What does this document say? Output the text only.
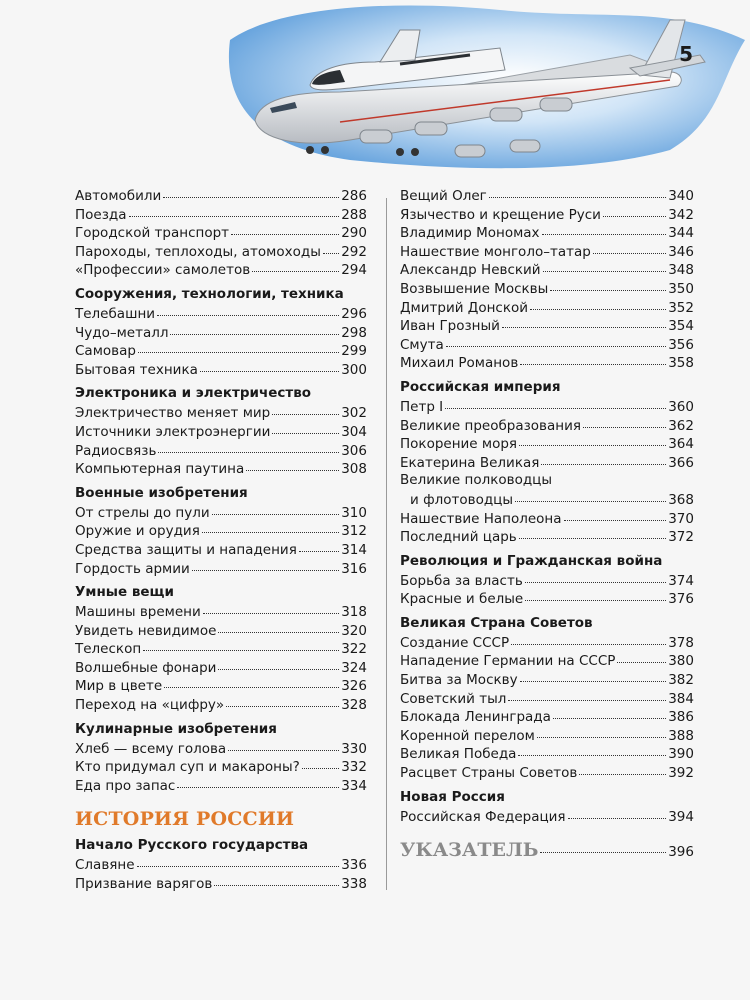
5
Автомобили	286
Поезда	288
Городской транспорт	290
Пароходы, теплоходы, атомоходы 292
«Профессии» самолетов	294
Сооружения, технологии, техника
Телебашни	296
Чудо–металл	298
Самовар	299
Бытовая техника	300
Электроника и электричество
Электричество меняет мир	302
Источники электроэнергии	304
Радиосвязь	306
Компьютерная паутина	308
Военные изобретения
От стрелы до пули	310
Оружие и орудия	312
Средства защиты и нападения	314
Гордость армии	316
Умные вещи
Машины времени	318
Увидеть невидимое	320
Телескоп	322
Волшебные фонари	324
Мир в цвете	326
Переход на «цифру»	328
Кулинарные изобретения
Хлеб — всему голова	330
Кто придумал суп и макароны?	332
Еда про запас	334
ИСТОРИЯ РОССИИ
Начало Русского государства
Славяне	336
Призвание варягов	338
Вещий Олег	340
Язычество и крещение Руси	342
Владимир Мономах	344
Нашествие монголо–татар	346
Александр Невский	348
Возвышение Москвы	350
Дмитрий Донской	352
Иван Грозный	354
Смута	356
Михаил Романов	358
Российская империя
Петр I	360
Великие преобразования	362
Покорение моря	364
Екатерина Великая	366
Великие полководцы
и флотоводцы	368
Нашествие Наполеона	370
Последний царь	372
Революция и Гражданская война
Борьба за власть	374
Красные и белые	376
Великая Страна Советов
Создание СССР	378
Нападение Германии на СССР	380
Битва за Москву	382
Советский тыл	384
Блокада Ленинграда	386
Коренной перелом	388
Великая Победа	390
Расцвет Страны Советов	392
Новая Россия
Российская Федерация	394
УКАЗАТЕЛЬ	396
